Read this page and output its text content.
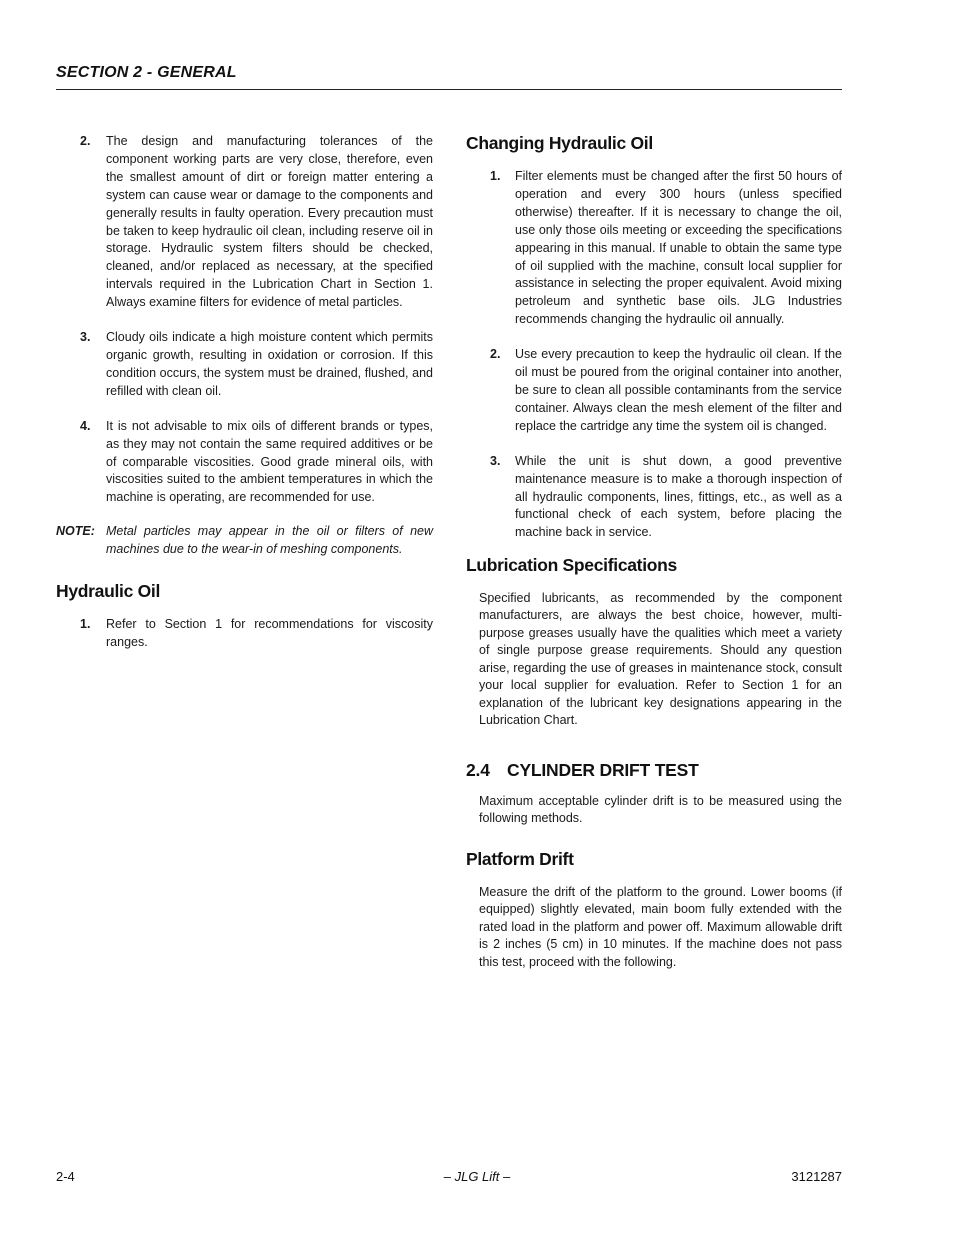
SECTION 2 - GENERAL
2.	The design and manufacturing tolerances of the component working parts are very close, therefore, even the smallest amount of dirt or foreign matter entering a system can cause wear or damage to the components and generally results in faulty operation. Every precaution must be taken to keep hydraulic oil clean, including reserve oil in storage. Hydraulic system filters should be checked, cleaned, and/or replaced as necessary, at the specified intervals required in the Lubrication Chart in Section 1. Always examine filters for evidence of metal particles.
3.	Cloudy oils indicate a high moisture content which permits organic growth, resulting in oxidation or corrosion. If this condition occurs, the system must be drained, flushed, and refilled with clean oil.
4.	It is not advisable to mix oils of different brands or types, as they may not contain the same required additives or be of comparable viscosities. Good grade mineral oils, with viscosities suited to the ambient temperatures in which the machine is operating, are recommended for use.
NOTE: Metal particles may appear in the oil or filters of new machines due to the wear-in of meshing components.
Hydraulic Oil
1.	Refer to Section 1 for recommendations for viscosity ranges.
Changing Hydraulic Oil
1.	Filter elements must be changed after the first 50 hours of operation and every 300 hours (unless specified otherwise) thereafter. If it is necessary to change the oil, use only those oils meeting or exceeding the specifications appearing in this manual. If unable to obtain the same type of oil supplied with the machine, consult local supplier for assistance in selecting the proper equivalent. Avoid mixing petroleum and synthetic base oils. JLG Industries recommends changing the hydraulic oil annually.
2.	Use every precaution to keep the hydraulic oil clean. If the oil must be poured from the original container into another, be sure to clean all possible contaminants from the service container. Always clean the mesh element of the filter and replace the cartridge any time the system oil is changed.
3.	While the unit is shut down, a good preventive maintenance measure is to make a thorough inspection of all hydraulic components, lines, fittings, etc., as well as a functional check of each system, before placing the machine back in service.
Lubrication Specifications

Specified lubricants, as recommended by the component manufacturers, are always the best choice, however, multi-purpose greases usually have the qualities which meet a variety of single purpose grease requirements. Should any question arise, regarding the use of greases in maintenance stock, consult your local supplier for evaluation. Refer to Section 1 for an explanation of the lubricant key designations appearing in the Lubrication Chart.

2.4 CYLINDER DRIFT TEST

Maximum acceptable cylinder drift is to be measured using the following methods.

Platform Drift

Measure the drift of the platform to the ground. Lower booms (if equipped) slightly elevated, main boom fully extended with the rated load in the platform and power off. Maximum allowable drift is 2 inches (5 cm) in 10 minutes. If the machine does not pass this test, proceed with the following.

2-4	– JLG Lift –	3121287
